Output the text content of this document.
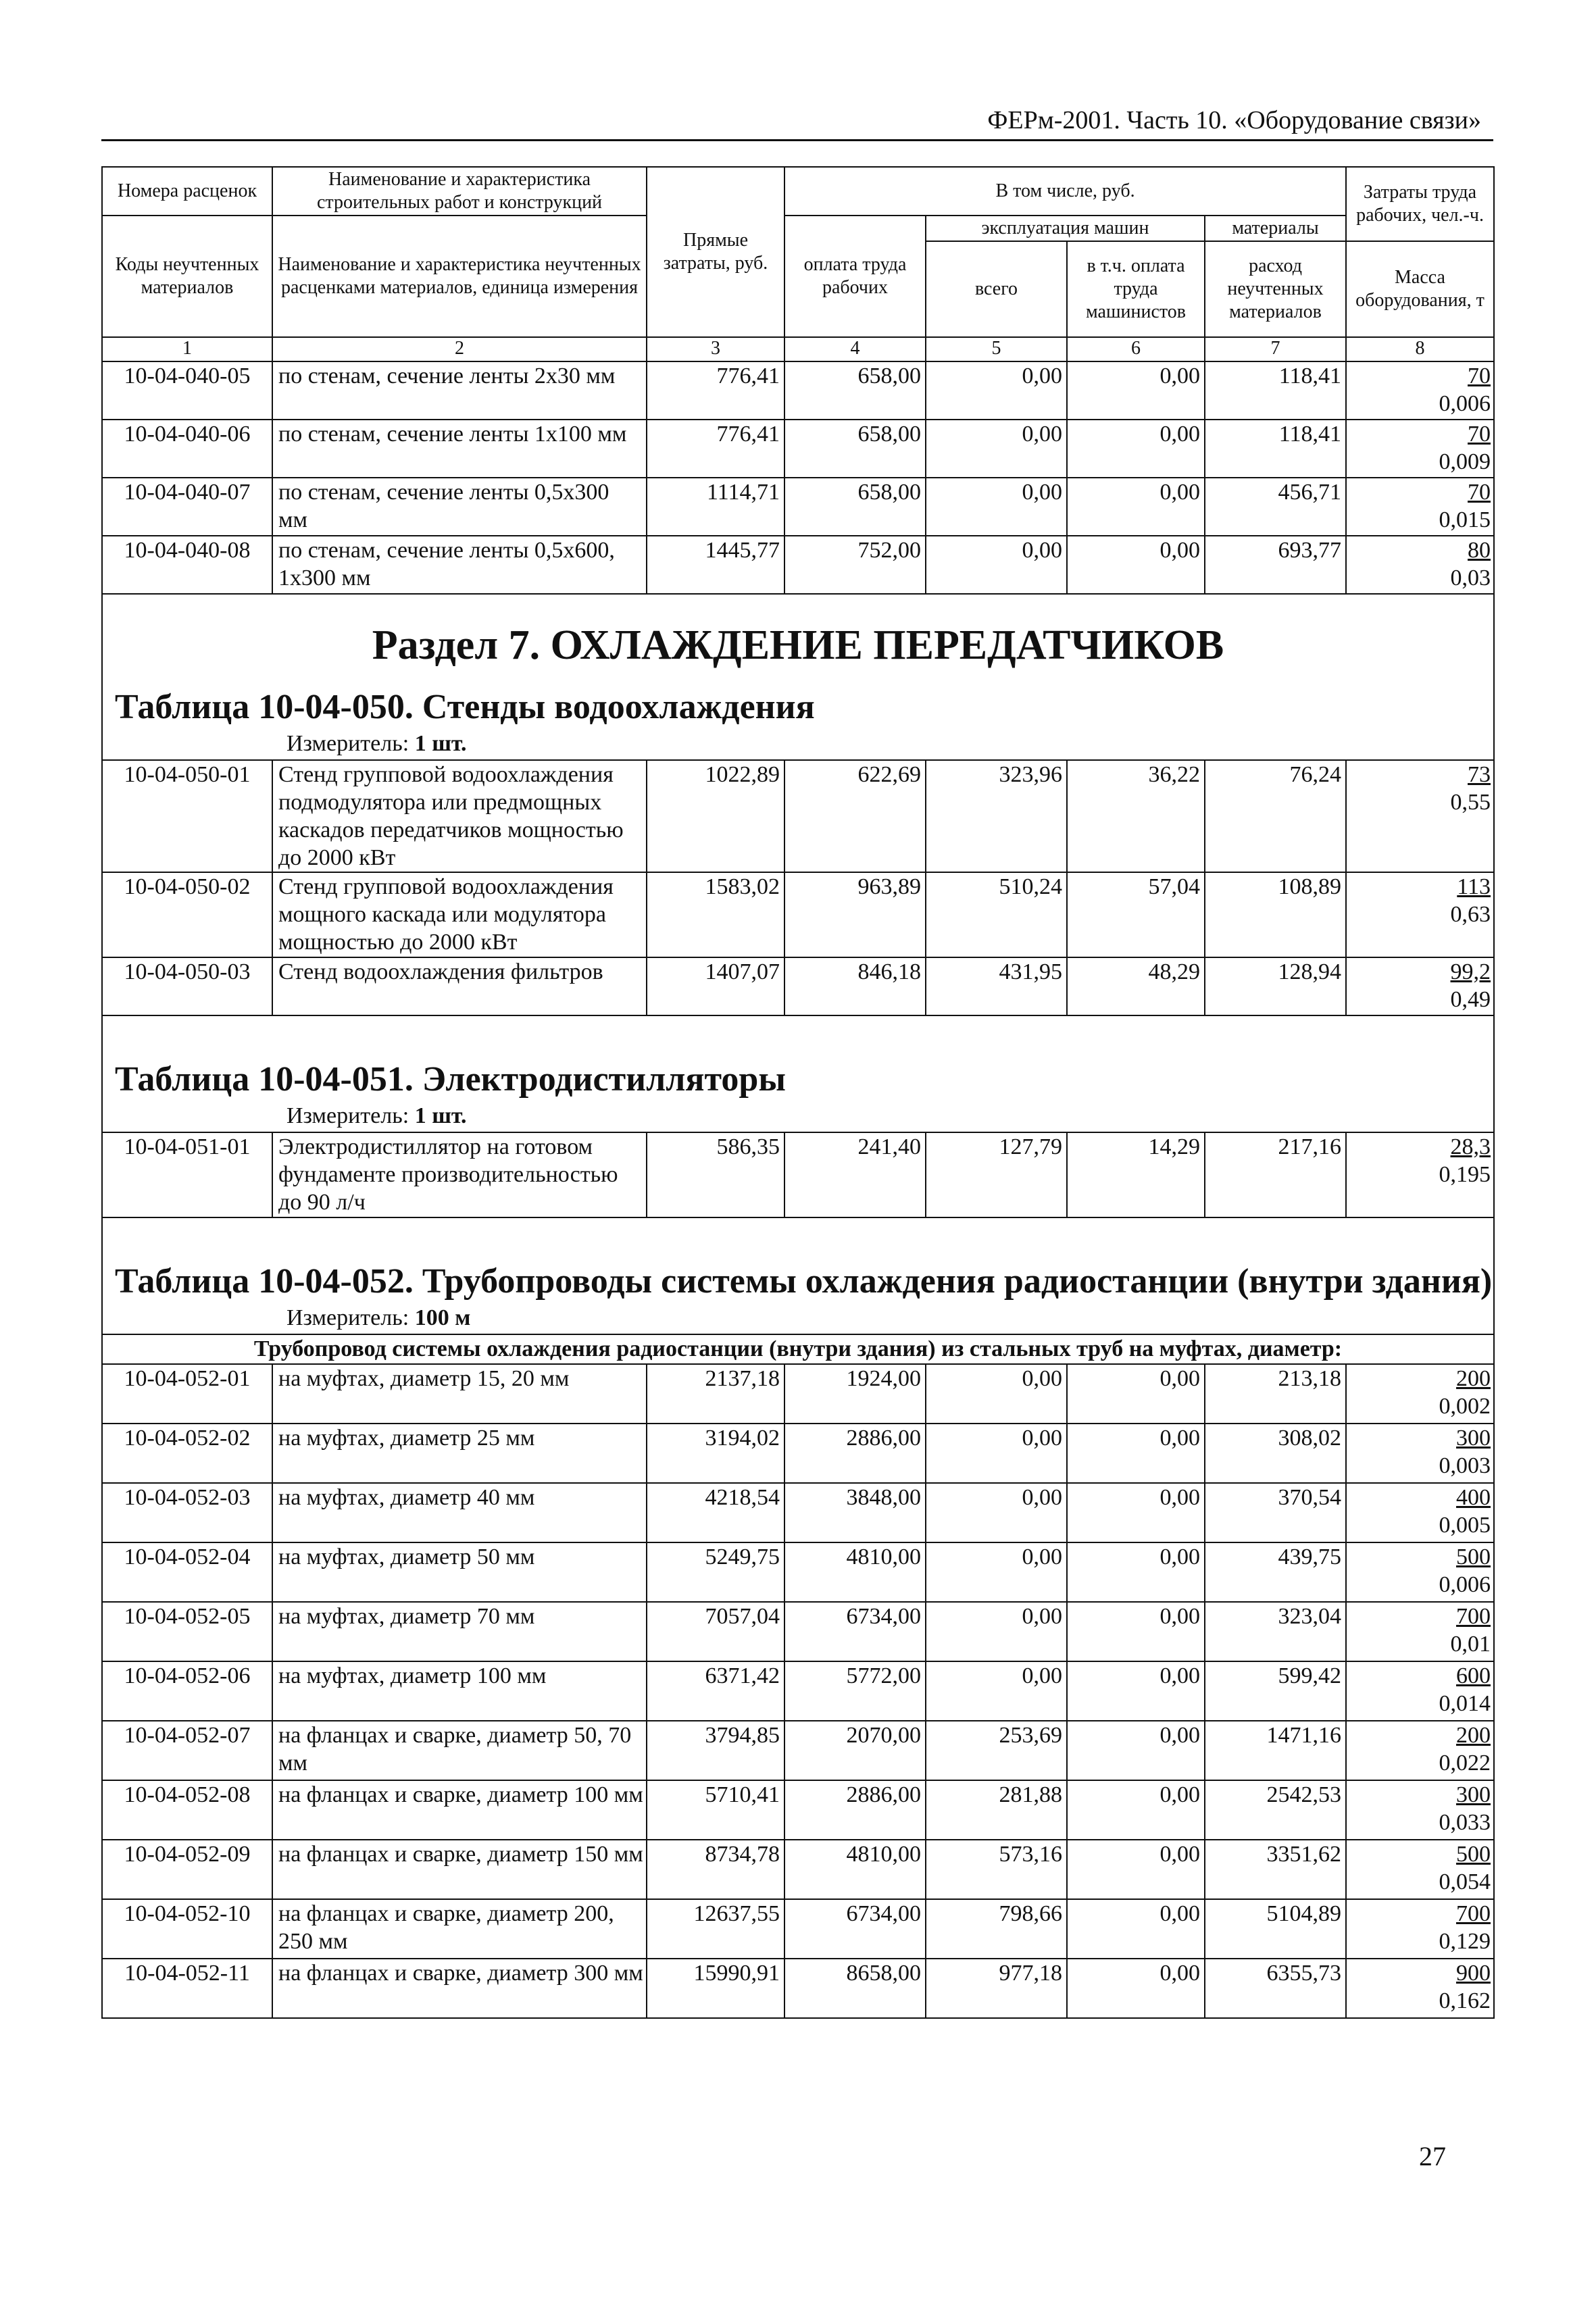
ФЕРм-2001. Часть 10. «Оборудование связи»
Номера расценок	Наименование и характеристика строительных работ и конструкций	Прямые затраты, руб.	В том числе, руб.				Затраты труда рабочих, чел.-ч.
Коды неучтенных материалов	Наименование и характеристика неучтенных расценками материалов, единица измерения		оплата труда рабочих	эксплуатация машин		материалы	
				всего	в т.ч. оплата труда машинистов	расход неучтенных материалов	Масса оборудования, т
1	2	3	4	5	6	7	8
10-04-040-05	по стенам, сечение ленты 2х30 мм	776,41	658,00	0,00	0,00	118,41	70
0,006

10-04-040-06	по стенам, сечение ленты 1х100 мм	776,41	658,00	0,00	0,00	118,41	70
0,009

10-04-040-07	по стенам, сечение ленты 0,5х300 мм	1114,71	658,00	0,00	0,00	456,71	70
0,015

10-04-040-08	по стенам, сечение ленты 0,5х600, 1х300 мм	1445,77	752,00	0,00	0,00	693,77	80
0,03

Раздел 7. ОХЛАЖДЕНИЕ ПЕРЕДАТЧИКОВ
Таблица 10-04-050. Стенды водоохлаждения
Измеритель: 1 шт.							

10-04-050-01	Стенд групповой водоохлаждения подмодулятора или предмощных каскадов передатчиков мощностью до 2000 кВт	1022,89	622,69	323,96	36,22	76,24	73
0,55

10-04-050-02	Стенд групповой водоохлаждения мощного каскада или модулятора мощностью до 2000 кВт	1583,02	963,89	510,24	57,04	108,89	113
0,63

10-04-050-03	Стенд водоохлаждения фильтров	1407,07	846,18	431,95	48,29	128,94	99,2
0,49

Таблица 10-04-051. Электродистилляторы
Измеритель: 1 шт.							

10-04-051-01	Электродистиллятор на готовом фундаменте производительностью до 90 л/ч	586,35	241,40	127,79	14,29	217,16	28,3
0,195

Таблица 10-04-052. Трубопроводы системы охлаждения радиостанции (внутри здания)
Измеритель: 100 м							

Трубопровод системы охлаждения радиостанции (внутри здания) из стальных труб на муфтах, диаметр:							
10-04-052-01	на муфтах, диаметр 15, 20 мм	2137,18	1924,00	0,00	0,00	213,18	200
0,002

10-04-052-02	на муфтах, диаметр 25 мм	3194,02	2886,00	0,00	0,00	308,02	300
0,003

10-04-052-03	на муфтах, диаметр 40 мм	4218,54	3848,00	0,00	0,00	370,54	400
0,005

10-04-052-04	на муфтах, диаметр 50 мм	5249,75	4810,00	0,00	0,00	439,75	500
0,006

10-04-052-05	на муфтах, диаметр 70 мм	7057,04	6734,00	0,00	0,00	323,04	700
0,01

10-04-052-06	на муфтах, диаметр 100 мм	6371,42	5772,00	0,00	0,00	599,42	600
0,014

10-04-052-07	на фланцах и сварке, диаметр 50, 70 мм	3794,85	2070,00	253,69	0,00	1471,16	200
0,022

10-04-052-08	на фланцах и сварке, диаметр 100 мм	5710,41	2886,00	281,88	0,00	2542,53	300
0,033

10-04-052-09	на фланцах и сварке, диаметр 150 мм	8734,78	4810,00	573,16	0,00	3351,62	500
0,054

10-04-052-10	на фланцах и сварке, диаметр 200, 250 мм	12637,55	6734,00	798,66	0,00	5104,89	700
0,129

10-04-052-11	на фланцах и сварке, диаметр 300 мм	15990,91	8658,00	977,18	0,00	6355,73	900
0,162
27
